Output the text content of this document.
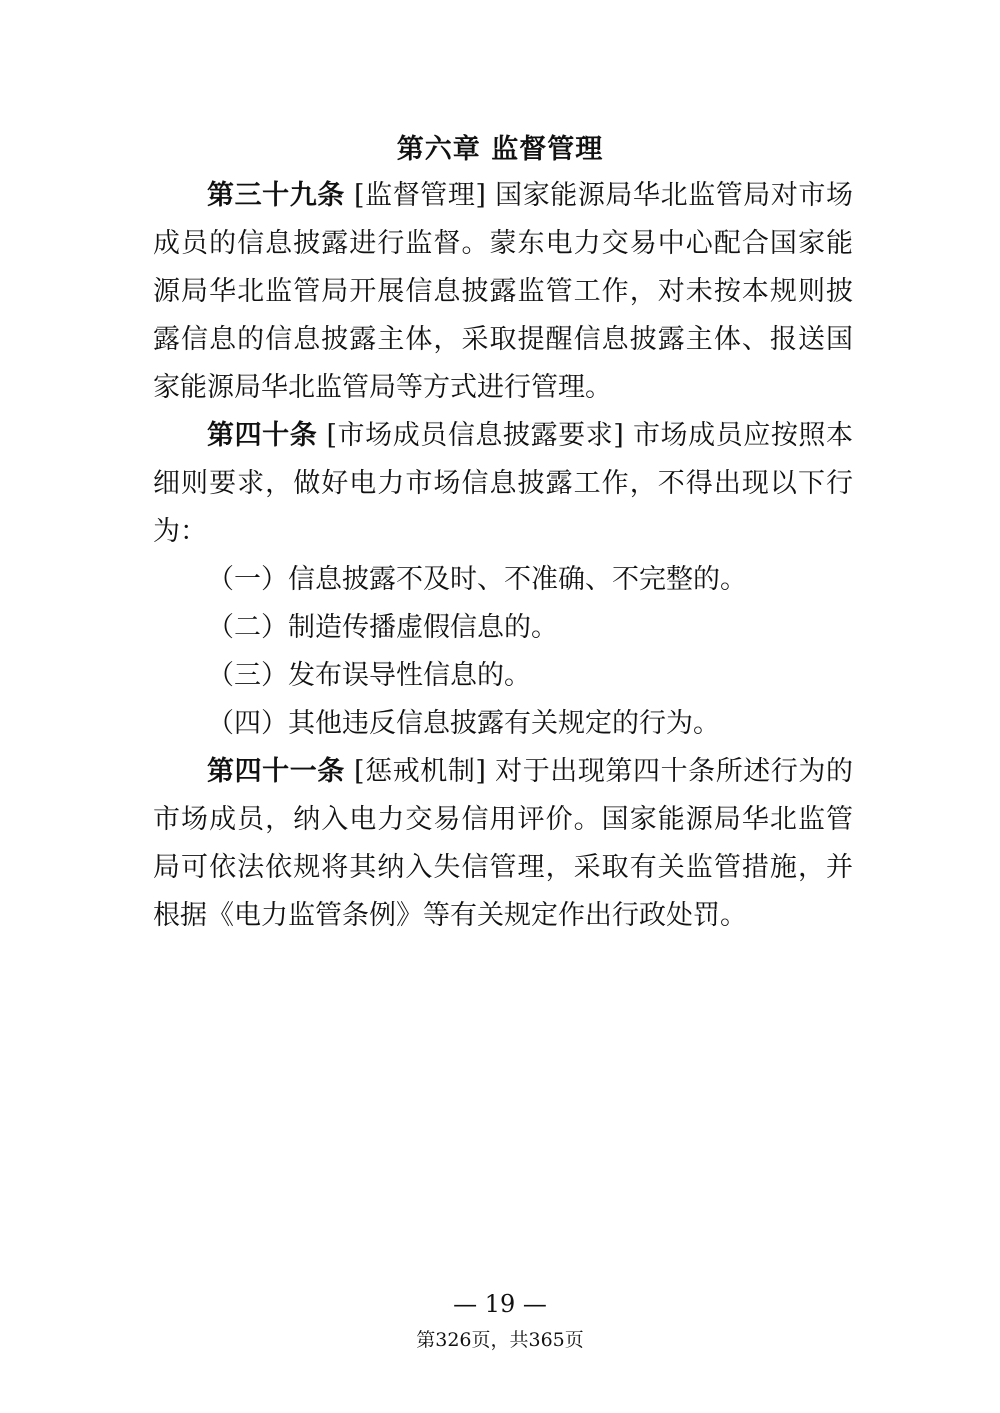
第六章 监督管理

第三十九条 [监督管理] 国家能源局华北监管局对市场成员的信息披露进行监督。蒙东电力交易中心配合国家能源局华北监管局开展信息披露监管工作，对未按本规则披露信息的信息披露主体，采取提醒信息披露主体、报送国家能源局华北监管局等方式进行管理。

第四十条 [市场成员信息披露要求] 市场成员应按照本细则要求，做好电力市场信息披露工作，不得出现以下行为：

（一）信息披露不及时、不准确、不完整的。

（二）制造传播虚假信息的。

（三）发布误导性信息的。

（四）其他违反信息披露有关规定的行为。

第四十一条 [惩戒机制] 对于出现第四十条所述行为的市场成员，纳入电力交易信用评价。国家能源局华北监管局可依法依规将其纳入失信管理，采取有关监管措施，并根据《电力监管条例》等有关规定作出行政处罚。

— 19 —
第326页，共365页
